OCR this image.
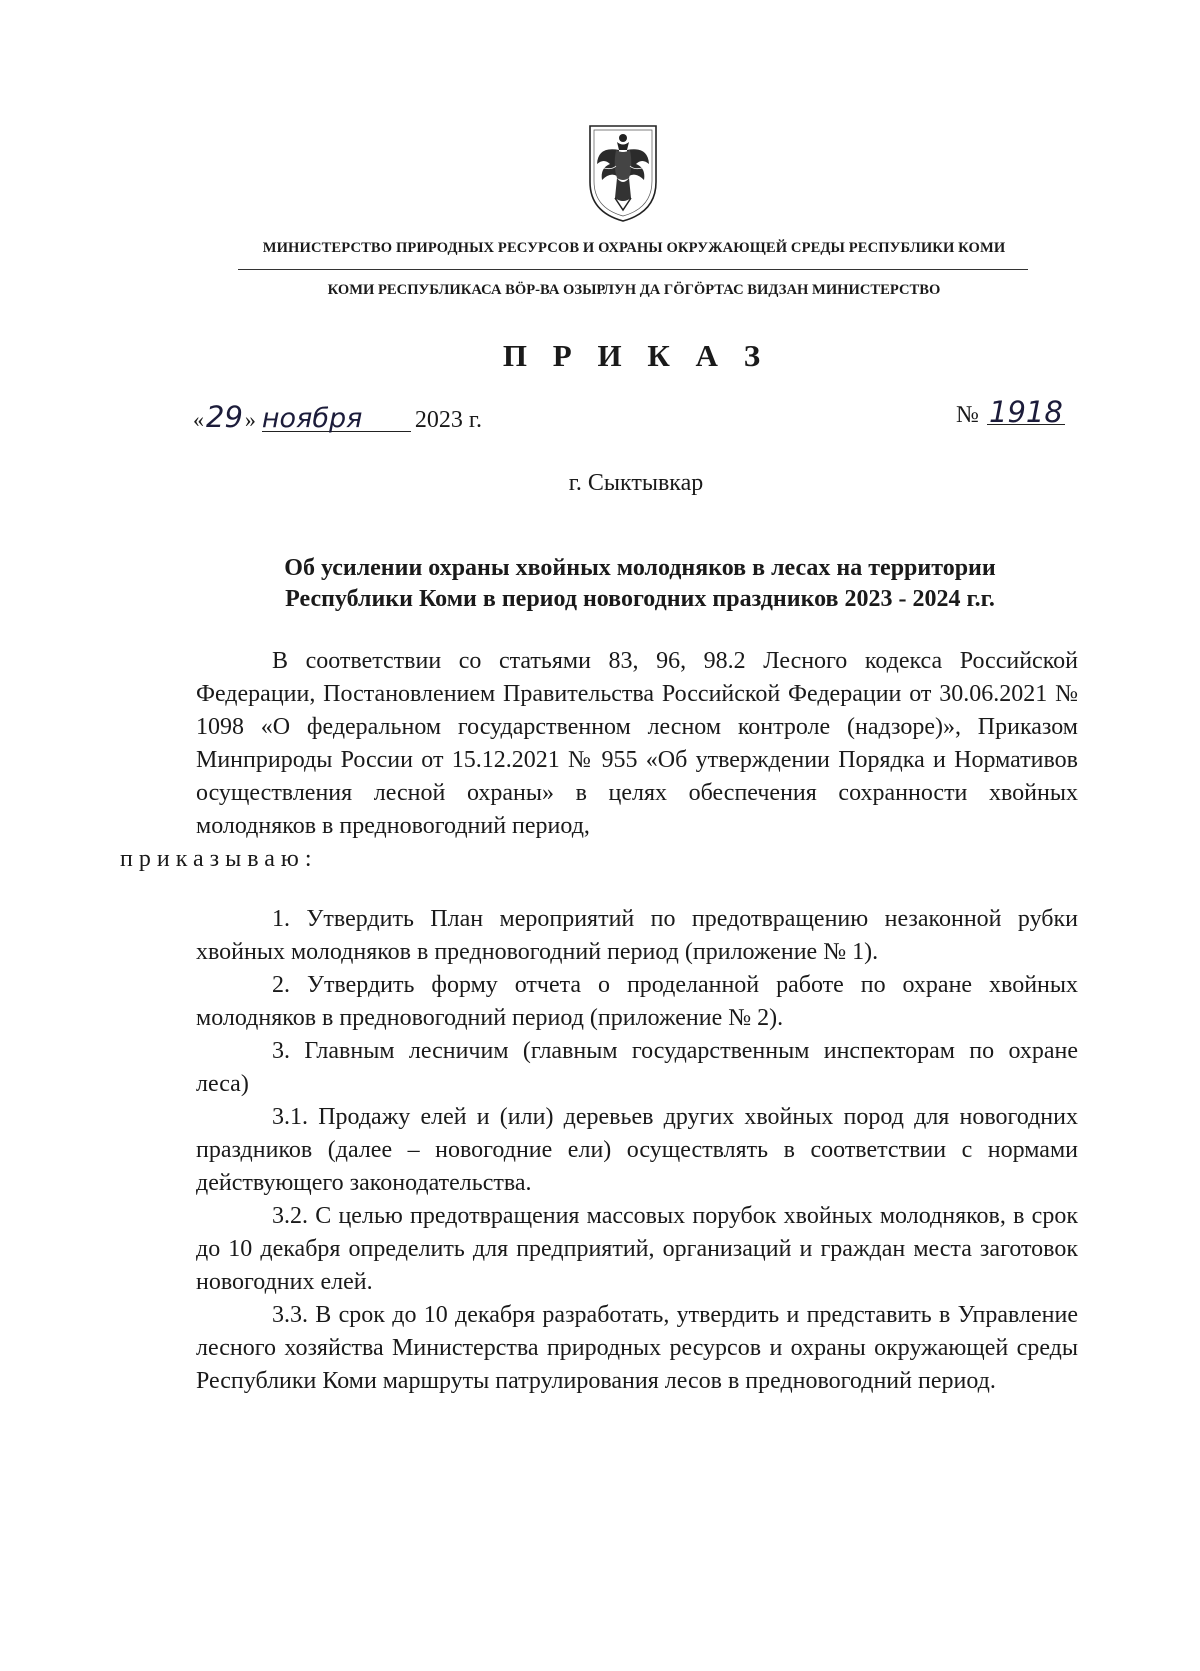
МИНИСТЕРСТВО ПРИРОДНЫХ РЕСУРСОВ И ОХРАНЫ ОКРУЖАЮЩЕЙ СРЕДЫ РЕСПУБЛИКИ КОМИ
КОМИ РЕСПУБЛИКАСА ВӦР-ВА ОЗЫРЛУН ДА ГӦГӦРТАС ВИДЗАН МИНИСТЕРСТВО
П Р И К А З
«29» ноября 2023 г.	№ 1918
г. Сыктывкар
Об усилении охраны хвойных молодняков в лесах на территории
Республики Коми в период новогодних праздников 2023 - 2024 г.г.

В соответствии со статьями 83, 96, 98.2 Лесного кодекса Российской Федерации, Постановлением Правительства Российской Федерации от 30.06.2021 № 1098 «О федеральном государственном лесном контроле (надзоре)», Приказом Минприроды России от 15.12.2021 № 955 «Об утверждении Порядка и Нормативов осуществления лесной охраны» в целях обеспечения сохранности хвойных молодняков в предновогодний период,
приказываю:

1. Утвердить План мероприятий по предотвращению незаконной рубки хвойных молодняков в предновогодний период (приложение № 1).

2. Утвердить форму отчета о проделанной работе по охране хвойных молодняков в предновогодний период (приложение № 2).

3. Главным лесничим (главным государственным инспекторам по охране леса)

3.1. Продажу елей и (или) деревьев других хвойных пород для новогодних праздников (далее – новогодние ели) осуществлять в соответствии с нормами действующего законодательства.

3.2. С целью предотвращения массовых порубок хвойных молодняков, в срок до 10 декабря определить для предприятий, организаций и граждан места заготовок новогодних елей.

3.3. В срок до 10 декабря разработать, утвердить и представить в Управление лесного хозяйства Министерства природных ресурсов и охраны окружающей среды Республики Коми маршруты патрулирования лесов в предновогодний период.
